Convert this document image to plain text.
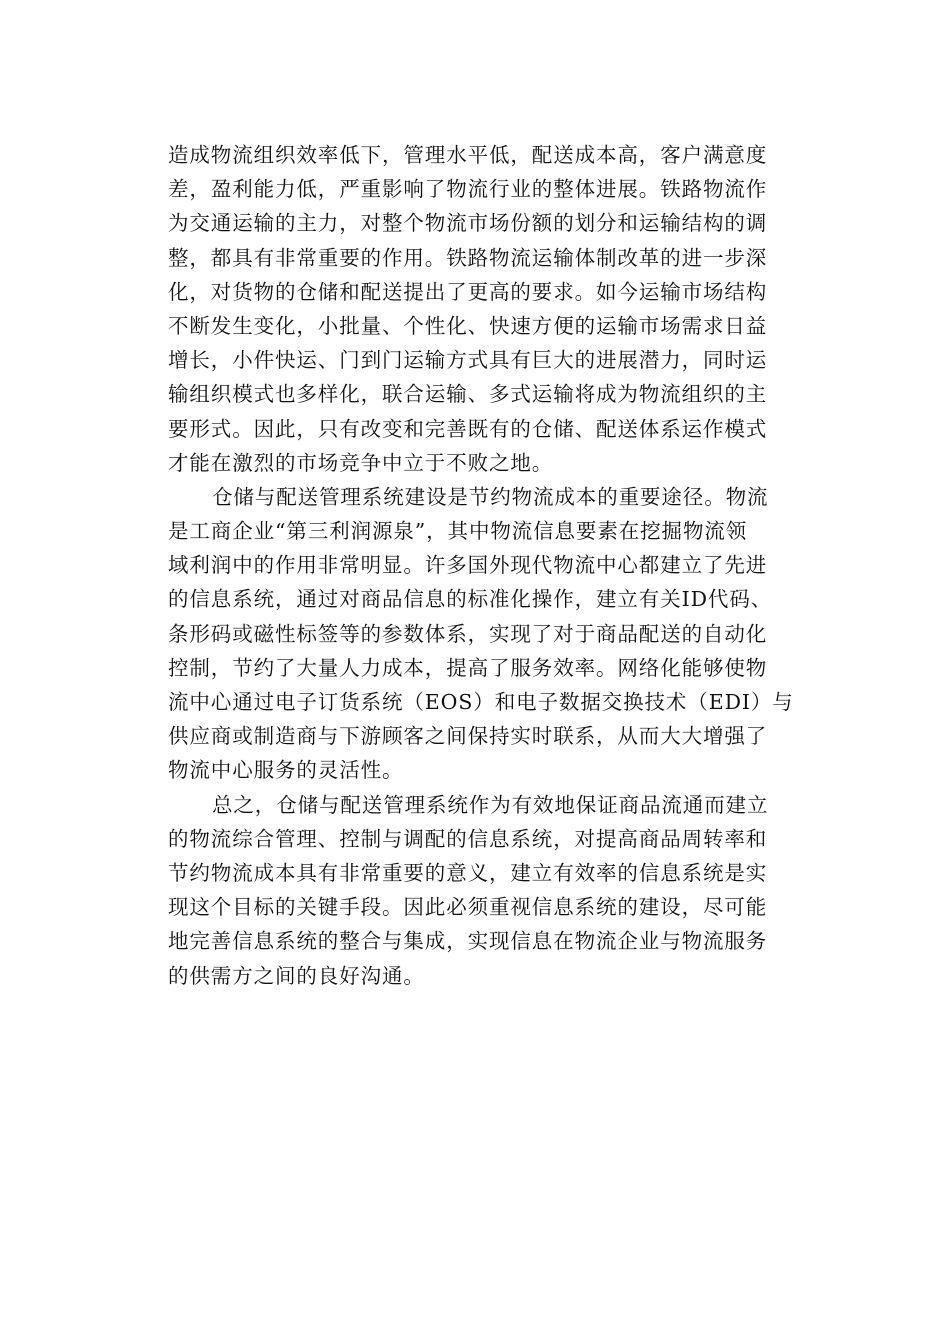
造成物流组织效率低下，管理水平低，配送成本高，客户满意度
差，盈利能力低，严重影响了物流行业的整体进展。铁路物流作
为交通运输的主力，对整个物流市场份额的划分和运输结构的调
整，都具有非常重要的作用。铁路物流运输体制改革的进一步深
化，对货物的仓储和配送提出了更高的要求。如今运输市场结构
不断发生变化，小批量、个性化、快速方便的运输市场需求日益
增长，小件快运、门到门运输方式具有巨大的进展潜力，同时运
输组织模式也多样化，联合运输、多式运输将成为物流组织的主
要形式。因此，只有改变和完善既有的仓储、配送体系运作模式
才能在激烈的市场竞争中立于不败之地。
仓储与配送管理系统建设是节约物流成本的重要途径。物流
是工商企业“第三利润源泉”，其中物流信息要素在挖掘物流领
域利润中的作用非常明显。许多国外现代物流中心都建立了先进
的信息系统，通过对商品信息的标准化操作，建立有关ID代码、
条形码或磁性标签等的参数体系，实现了对于商品配送的自动化
控制，节约了大量人力成本，提高了服务效率。网络化能够使物
流中心通过电子订货系统（EOS）和电子数据交换技术（EDI）与
供应商或制造商与下游顾客之间保持实时联系，从而大大增强了
物流中心服务的灵活性。
总之，仓储与配送管理系统作为有效地保证商品流通而建立
的物流综合管理、控制与调配的信息系统，对提高商品周转率和
节约物流成本具有非常重要的意义，建立有效率的信息系统是实
现这个目标的关键手段。因此必须重视信息系统的建设，尽可能
地完善信息系统的整合与集成，实现信息在物流企业与物流服务
的供需方之间的良好沟通。
